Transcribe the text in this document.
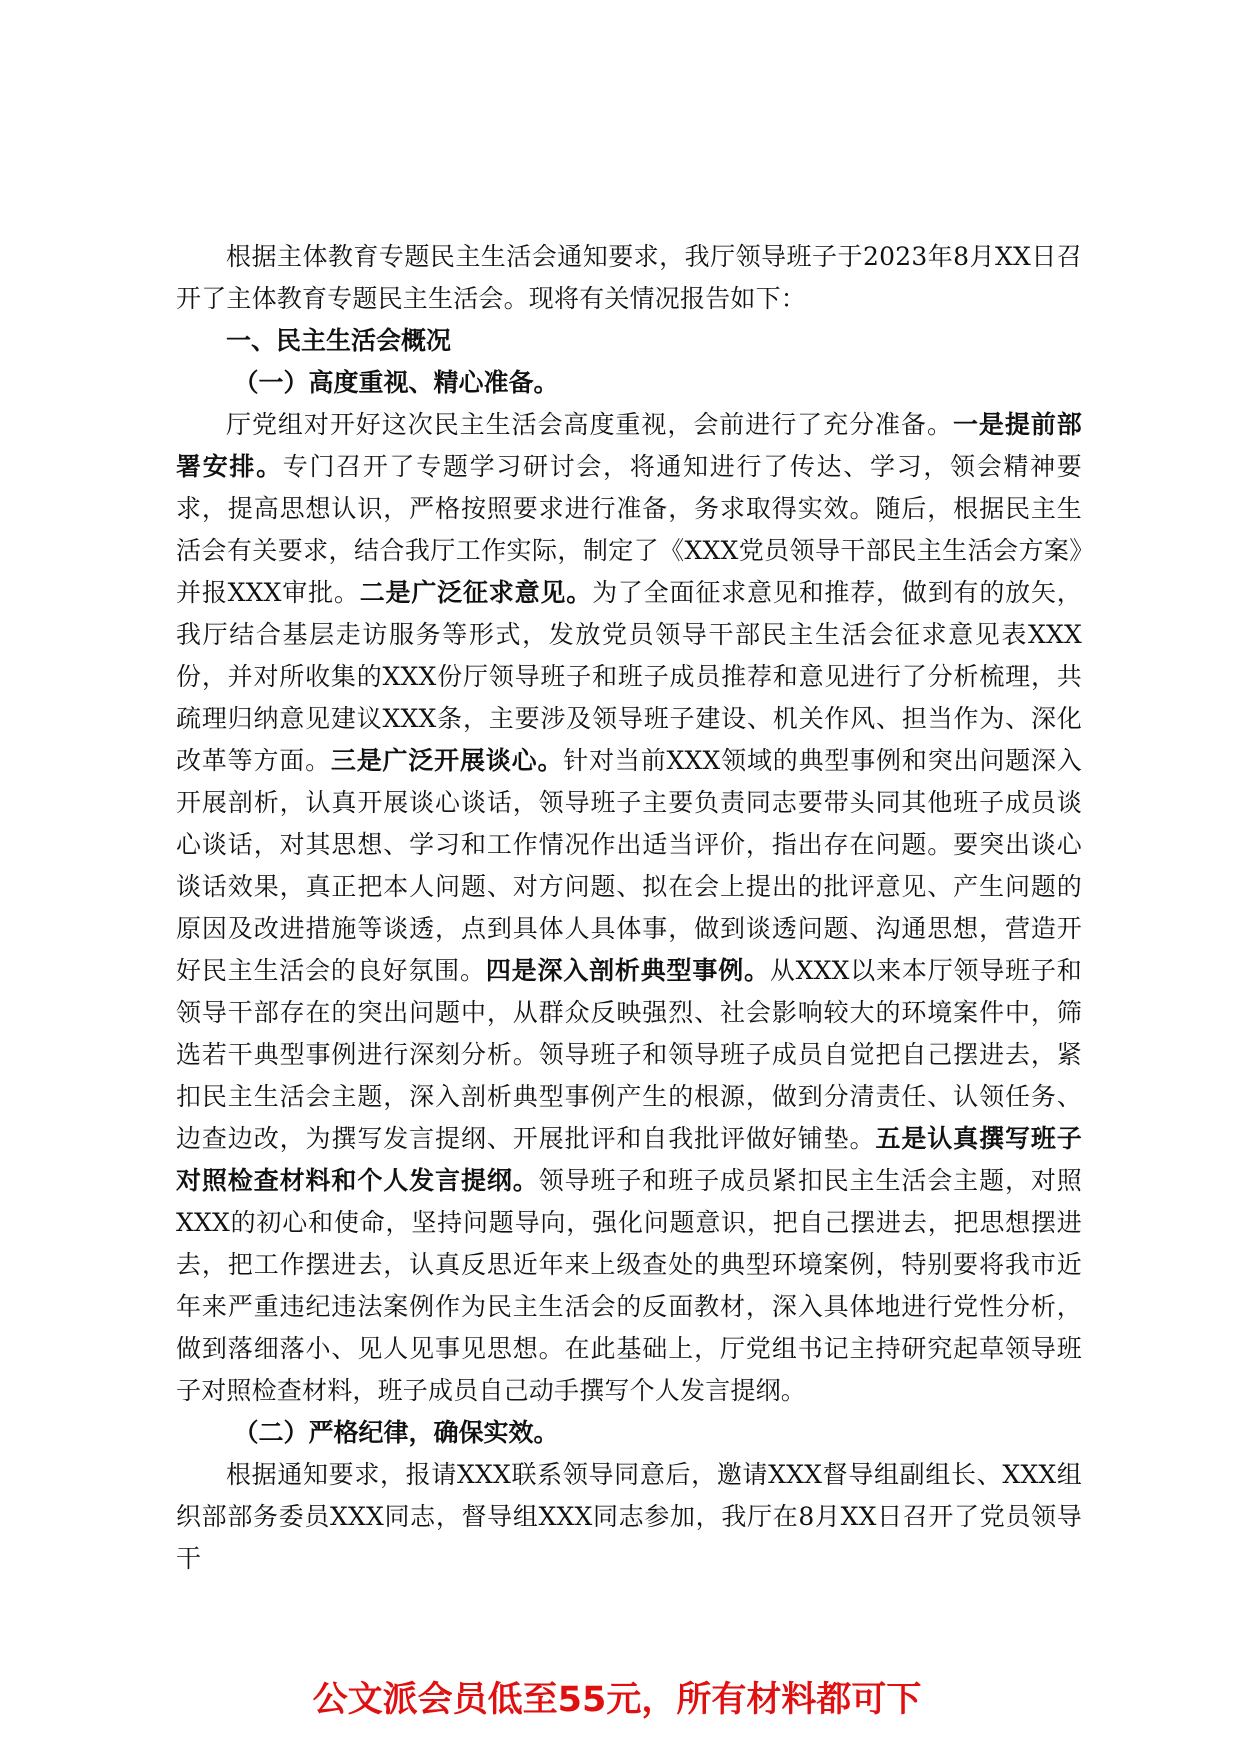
根据主体教育专题民主生活会通知要求，我厅领导班子于2023年8月XX日召开了主体教育专题民主生活会。现将有关情况报告如下：

一、民主生活会概况

（一）高度重视、精心准备。

厅党组对开好这次民主生活会高度重视，会前进行了充分准备。一是提前部署安排。专门召开了专题学习研讨会，将通知进行了传达、学习，领会精神要求，提高思想认识，严格按照要求进行准备，务求取得实效。随后，根据民主生活会有关要求，结合我厅工作实际，制定了《XXX党员领导干部民主生活会方案》并报XXX审批。二是广泛征求意见。为了全面征求意见和推荐，做到有的放矢，我厅结合基层走访服务等形式，发放党员领导干部民主生活会征求意见表XXX份，并对所收集的XXX份厅领导班子和班子成员推荐和意见进行了分析梳理，共疏理归纳意见建议XXX条，主要涉及领导班子建设、机关作风、担当作为、深化改革等方面。三是广泛开展谈心。针对当前XXX领域的典型事例和突出问题深入开展剖析，认真开展谈心谈话，领导班子主要负责同志要带头同其他班子成员谈心谈话，对其思想、学习和工作情况作出适当评价，指出存在问题。要突出谈心谈话效果，真正把本人问题、对方问题、拟在会上提出的批评意见、产生问题的原因及改进措施等谈透，点到具体人具体事，做到谈透问题、沟通思想，营造开好民主生活会的良好氛围。四是深入剖析典型事例。从XXX以来本厅领导班子和领导干部存在的突出问题中，从群众反映强烈、社会影响较大的环境案件中，筛选若干典型事例进行深刻分析。领导班子和领导班子成员自觉把自己摆进去，紧扣民主生活会主题，深入剖析典型事例产生的根源，做到分清责任、认领任务、边查边改，为撰写发言提纲、开展批评和自我批评做好铺垫。五是认真撰写班子对照检查材料和个人发言提纲。领导班子和班子成员紧扣民主生活会主题，对照XXX的初心和使命，坚持问题导向，强化问题意识，把自己摆进去，把思想摆进去，把工作摆进去，认真反思近年来上级查处的典型环境案例，特别要将我市近年来严重违纪违法案例作为民主生活会的反面教材，深入具体地进行党性分析，做到落细落小、见人见事见思想。在此基础上，厅党组书记主持研究起草领导班子对照检查材料，班子成员自己动手撰写个人发言提纲。

（二）严格纪律，确保实效。

根据通知要求，报请XXX联系领导同意后，邀请XXX督导组副组长、XXX组织部部务委员XXX同志，督导组XXX同志参加，我厅在8月XX日召开了党员领导干

公文派会员低至55元，所有材料都可下
